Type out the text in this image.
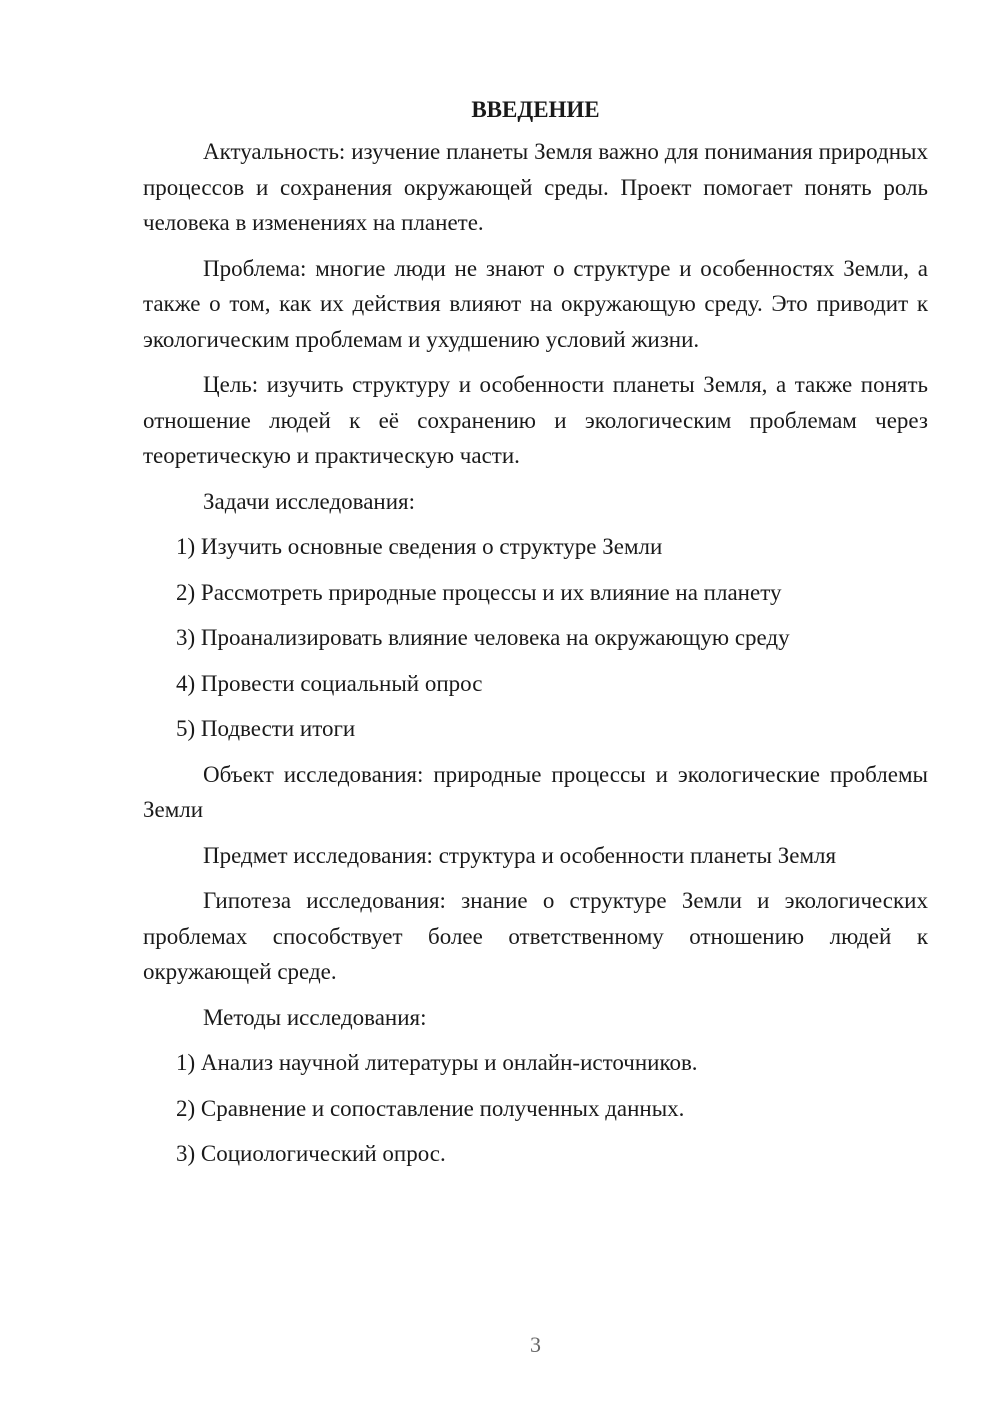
ВВЕДЕНИЕ

Актуальность: изучение планеты Земля важно для понимания природных процессов и сохранения окружающей среды. Проект помогает понять роль человека в изменениях на планете.

Проблема: многие люди не знают о структуре и особенностях Земли, а также о том, как их действия влияют на окружающую среду. Это приводит к экологическим проблемам и ухудшению условий жизни.

Цель: изучить структуру и особенности планеты Земля, а также понять отношение людей к её сохранению и экологическим проблемам через теоретическую и практическую части.

Задачи исследования:

1) Изучить основные сведения о структуре Земли

2) Рассмотреть природные процессы и их влияние на планету

3) Проанализировать влияние человека на окружающую среду

4) Провести социальный опрос

5) Подвести итоги

Объект исследования: природные процессы и экологические проблемы Земли

Предмет исследования: структура и особенности планеты Земля

Гипотеза исследования: знание о структуре Земли и экологических проблемах способствует более ответственному отношению людей к окружающей среде.

Методы исследования:

1) Анализ научной литературы и онлайн-источников.

2) Сравнение и сопоставление полученных данных.

3) Социологический опрос.

3
